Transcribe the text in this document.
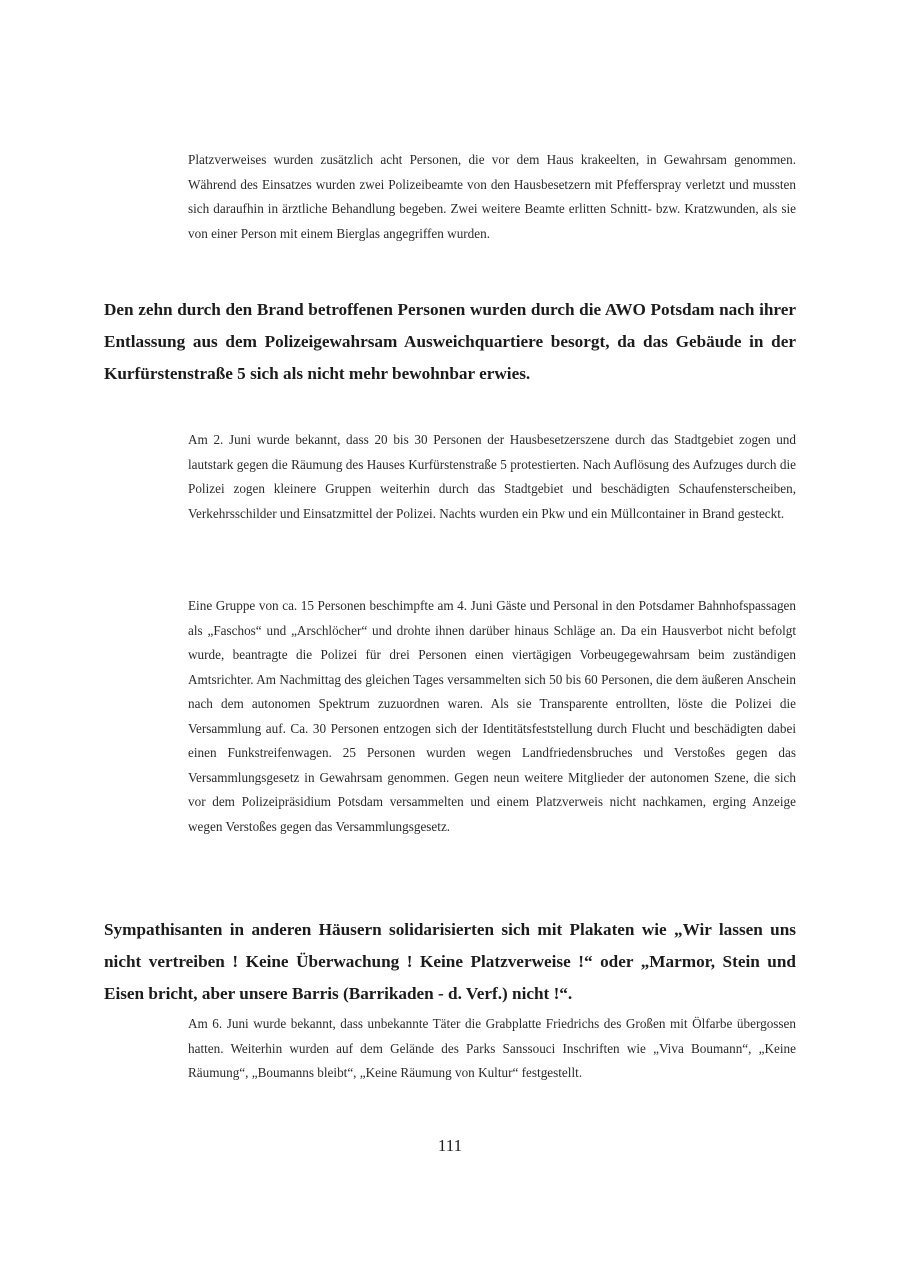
Platzverweises wurden zusätzlich acht Personen, die vor dem Haus krakeelten, in Gewahrsam genommen. Während des Einsatzes wurden zwei Polizeibeamte von den Hausbesetzern mit Pfefferspray verletzt und mussten sich daraufhin in ärztliche Behandlung begeben. Zwei weitere Beamte erlitten Schnitt- bzw. Kratzwunden, als sie von einer Person mit einem Bierglas angegriffen wurden.

Den zehn durch den Brand betroffenen Personen wurden durch die AWO Potsdam nach ihrer Entlassung aus dem Polizeigewahrsam Ausweichquartiere besorgt, da das Gebäude in der Kurfürstenstraße 5 sich als nicht mehr bewohnbar erwies.

Am 2. Juni wurde bekannt, dass 20 bis 30 Personen der Hausbesetzerszene durch das Stadtgebiet zogen und lautstark gegen die Räumung des Hauses Kurfürstenstraße 5 protestierten. Nach Auflösung des Aufzuges durch die Polizei zogen kleinere Gruppen weiterhin durch das Stadtgebiet und beschädigten Schaufensterscheiben, Verkehrsschilder und Einsatzmittel der Polizei. Nachts wurden ein Pkw und ein Müllcontainer in Brand gesteckt.

Eine Gruppe von ca. 15 Personen beschimpfte am 4. Juni Gäste und Personal in den Potsdamer Bahnhofspassagen als „Faschos“ und „Arschlöcher“ und drohte ihnen darüber hinaus Schläge an. Da ein Hausverbot nicht befolgt wurde, beantragte die Polizei für drei Personen einen viertägigen Vorbeugegewahrsam beim zuständigen Amtsrichter. Am Nachmittag des gleichen Tages versammelten sich 50 bis 60 Personen, die dem äußeren Anschein nach dem autonomen Spektrum zuzuordnen waren. Als sie Transparente entrollten, löste die Polizei die Versammlung auf. Ca. 30 Personen entzogen sich der Identitätsfeststellung durch Flucht und beschädigten dabei einen Funkstreifenwagen. 25 Personen wurden wegen Landfriedensbruches und Verstoßes gegen das Versammlungsgesetz in Gewahrsam genommen. Gegen neun weitere Mitglieder der autonomen Szene, die sich vor dem Polizeipräsidium Potsdam versammelten und einem Platzverweis nicht nachkamen, erging Anzeige wegen Verstoßes gegen das Versammlungsgesetz.

Sympathisanten in anderen Häusern solidarisierten sich mit Plakaten wie „Wir lassen uns nicht vertreiben ! Keine Überwachung ! Keine Platzverweise !“ oder „Marmor, Stein und Eisen bricht, aber unsere Barris (Barrikaden - d. Verf.) nicht !“.

Am 6. Juni wurde bekannt, dass unbekannte Täter die Grabplatte Friedrichs des Großen mit Ölfarbe übergossen hatten. Weiterhin wurden auf dem Gelände des Parks Sanssouci Inschriften wie „Viva Boumann“, „Keine Räumung“, „Boumanns bleibt“, „Keine Räumung von Kultur“ festgestellt.

111
